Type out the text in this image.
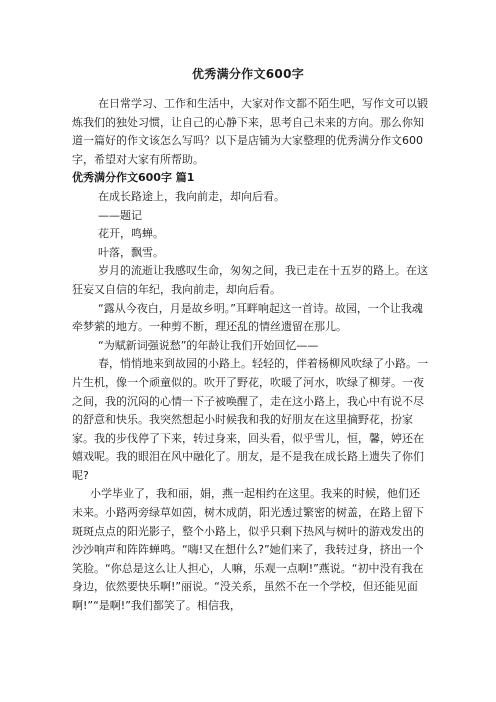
优秀满分作文600字

在日常学习、工作和生活中，大家对作文都不陌生吧，写作文可以锻炼我们的独处习惯，让自己的心静下来，思考自己未来的方向。那么你知道一篇好的作文该怎么写吗？以下是店铺为大家整理的优秀满分作文600字，希望对大家有所帮助。

优秀满分作文600字 篇1

在成长路途上，我向前走，却向后看。

——题记

花开，鸣蝉。

叶落，飘雪。

岁月的流逝让我感叹生命，匆匆之间，我已走在十五岁的路上。在这狂妄又自信的年纪，我向前走，却向后看。

“露从今夜白，月是故乡明。”耳畔响起这一首诗。故园，一个让我魂牵梦萦的地方。一种剪不断，理还乱的情丝遗留在那儿。

“为赋新词强说愁”的年龄让我们开始回忆——

春，悄悄地来到故园的小路上。轻轻的，伴着杨柳风吹绿了小路。一片生机，像一个顽童似的。吹开了野花，吹暖了河水，吹绿了柳芽。一夜之间，我的沉闷的心情一下子被唤醒了，走在这小路上，我心中有说不尽的舒意和快乐。我突然想起小时候我和我的好朋友在这里摘野花，扮家家。我的步伐停了下来，转过身来，回头看，似乎雪儿，恒，馨，婷还在嬉戏呢。我的眼泪在风中融化了。朋友，是不是我在成长路上遗失了你们呢?

小学毕业了，我和丽，娟，燕一起相约在这里。我来的时候，他们还未来。小路两旁绿草如茵，树木成荫，阳光透过繁密的树盖，在路上留下斑斑点点的阳光影子，整个小路上，似乎只剩下热风与树叶的游戏发出的沙沙响声和阵阵蝉鸣。“嗨!又在想什么?”她们来了，我转过身，挤出一个笑脸。“你总是这么让人担心，人嘛，乐观一点啊!”燕说。“初中没有我在身边，依然要快乐啊!”丽说。“没关系，虽然不在一个学校，但还能见面啊!”“是啊!”我们都笑了。相信我，
